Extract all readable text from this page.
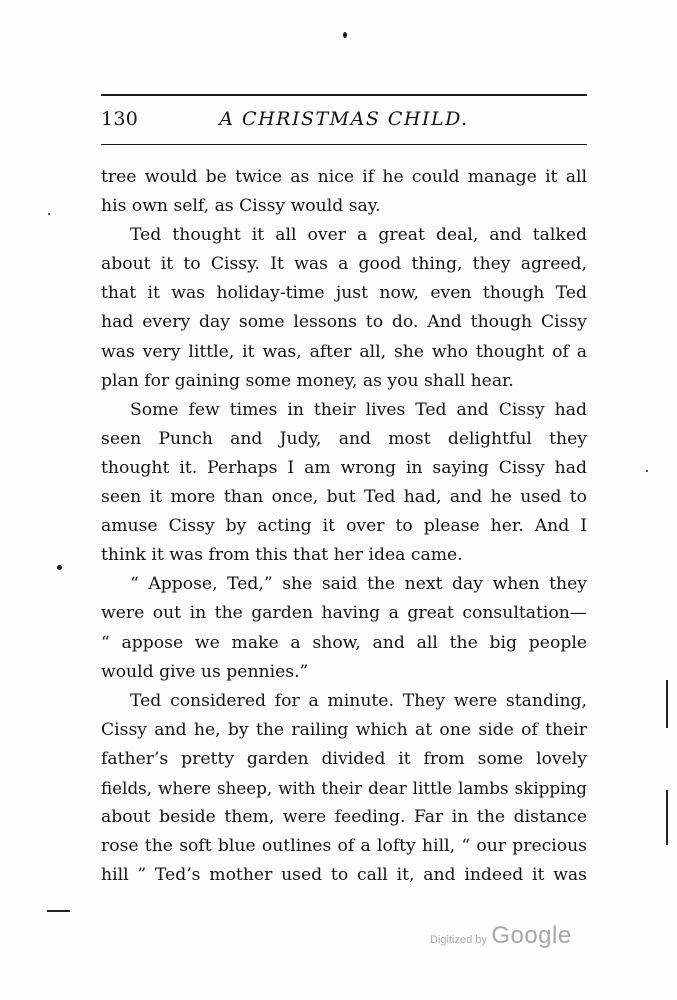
130	A CHRISTMAS CHILD.
tree would be twice as nice if he could manage it all
his own self, as Cissy would say.
Ted thought it all over a great deal, and talked
about it to Cissy. It was a good thing, they agreed,
that it was holiday-time just now, even though Ted
had every day some lessons to do. And though Cissy
was very little, it was, after all, she who thought of a
plan for gaining some money, as you shall hear.
Some few times in their lives Ted and Cissy had
seen Punch and Judy, and most delightful they
thought it. Perhaps I am wrong in saying Cissy had
seen it more than once, but Ted had, and he used to
amuse Cissy by acting it over to please her. And I
think it was from this that her idea came.
“ Appose, Ted,” she said the next day when they
were out in the garden having a great consultation—
“ appose we make a show, and all the big people
would give us pennies.”
Ted considered for a minute. They were standing,
Cissy and he, by the railing which at one side of their
father’s pretty garden divided it from some lovely
fields, where sheep, with their dear little lambs skipping
about beside them, were feeding. Far in the distance
rose the soft blue outlines of a lofty hill, “ our precious
hill ” Ted’s mother used to call it, and indeed it was
Digitized by Google
